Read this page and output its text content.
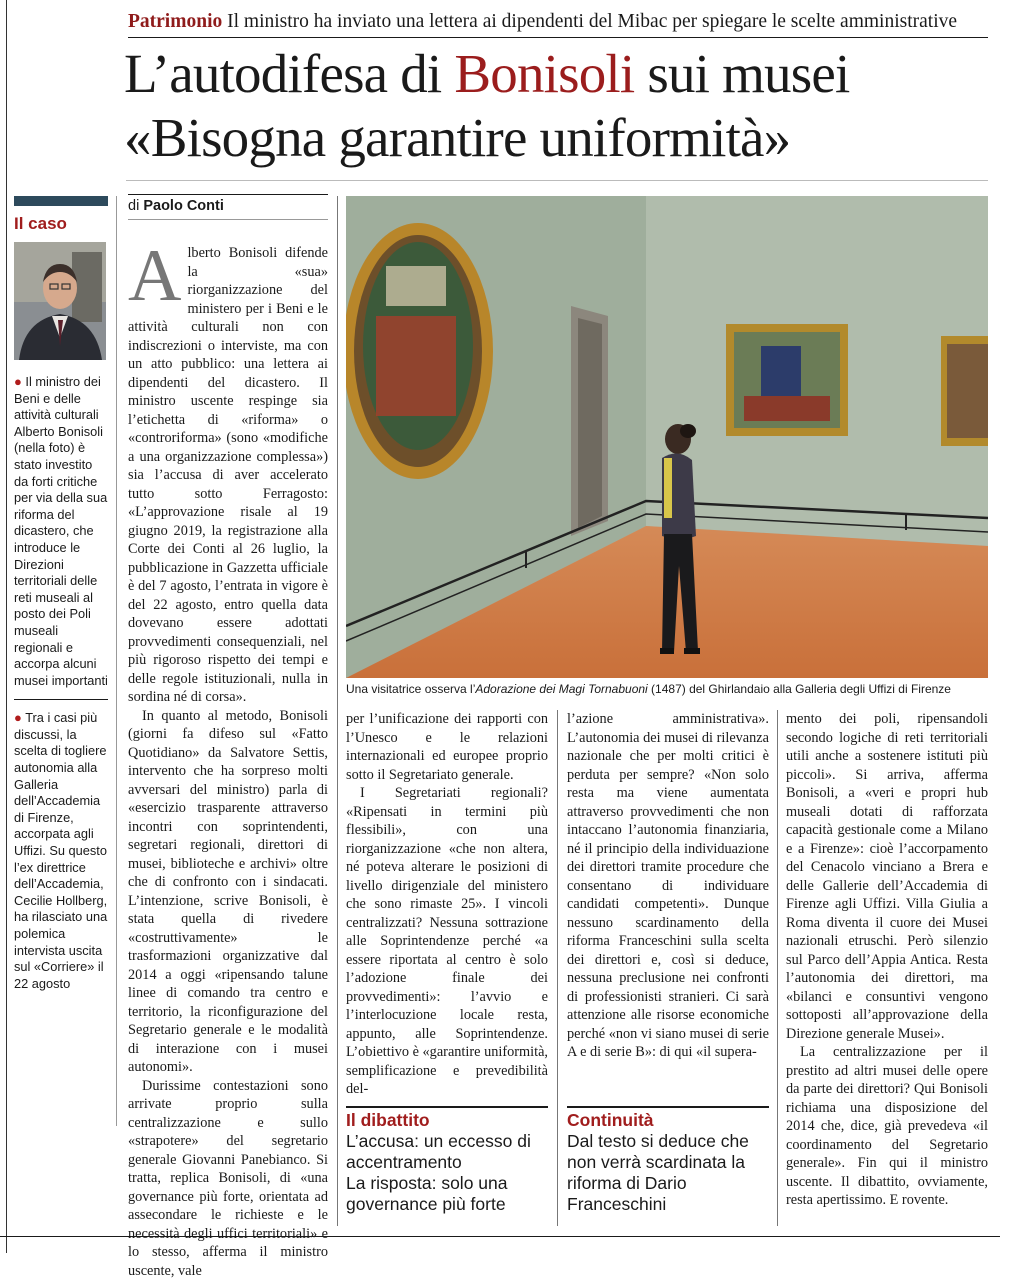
Patrimonio Il ministro ha inviato una lettera ai dipendenti del Mibac per spiegare le scelte amministrative
L’autodifesa di Bonisoli sui musei
«Bisogna garantire uniformità»
Il caso
● Il ministro dei Beni e delle attività culturali Alberto Bonisoli (nella foto) è stato investito da forti critiche per via della sua riforma del dicastero, che introduce le Direzioni territoriali delle reti museali al posto dei Poli museali regionali e accorpa alcuni musei importanti
● Tra i casi più discussi, la scelta di togliere autonomia alla Galleria dell’Accademia di Firenze, accorpata agli Uffizi. Su questo l’ex direttrice dell’Accademia, Cecilie Hollberg, ha rilasciato una polemica intervista uscita sul «Corriere» il 22 agosto
di Paolo Conti

Alberto Bonisoli difende la «sua» riorganizzazione del ministero per i Beni e le attività culturali non con indiscrezioni o interviste, ma con un atto pubblico: una lettera ai dipendenti del dicastero. Il ministro uscente respinge sia l’etichetta di «riforma» o «controriforma» (sono «modifiche a una organizzazione complessa») sia l’accusa di aver accelerato tutto sotto Ferragosto: «L’approvazione risale al 19 giugno 2019, la registrazione alla Corte dei Conti al 26 luglio, la pubblicazione in Gazzetta ufficiale è del 7 agosto, l’entrata in vigore è del 22 agosto, entro quella data dovevano essere adottati provvedimenti consequenziali, nel più rigoroso rispetto dei tempi e delle regole istituzionali, nulla in sordina né di corsa».

In quanto al metodo, Bonisoli (giorni fa difeso sul «Fatto Quotidiano» da Salvatore Settis, intervento che ha sorpreso molti avversari del ministro) parla di «esercizio trasparente attraverso incontri con soprintendenti, segretari regionali, direttori di musei, biblioteche e archivi» oltre che di confronto con i sindacati. L’intenzione, scrive Bonisoli, è stata quella di rivedere «costruttivamente» le trasformazioni organizzative dal 2014 a oggi «ripensando talune linee di comando tra centro e territorio, la riconfigurazione del Segretario generale e le modalità di interazione con i musei autonomi».

Durissime contestazioni sono arrivate proprio sulla centralizzazione e sullo «strapotere» del segretario generale Giovanni Panebianco. Si tratta, replica Bonisoli, di «una governance più forte, orientata ad assecondare le richieste e le necessità degli uffici territoriali» e lo stesso, afferma il ministro uscente, vale

Una visitatrice osserva l’Adorazione dei Magi Tornabuoni (1487) del Ghirlandaio alla Galleria degli Uffizi di Firenze

per l’unificazione dei rapporti con l’Unesco e le relazioni internazionali ed europee proprio sotto il Segretariato generale.

I Segretariati regionali? «Ripensati in termini più flessibili», con una riorganizzazione «che non altera, né poteva alterare le posizioni di livello dirigenziale del ministero che sono rimaste 25». I vincoli centralizzati? Nessuna sottrazione alle Soprintendenze perché «a essere riportata al centro è solo l’adozione finale dei provvedimenti»: l’avvio e l’interlocuzione locale resta, appunto, alle Soprintendenze. L’obiettivo è «garantire uniformità, semplificazione e prevedibilità del-

l’azione amministrativa». L’autonomia dei musei di rilevanza nazionale che per molti critici è perduta per sempre? «Non solo resta ma viene aumentata attraverso provvedimenti che non intaccano l’autonomia finanziaria, né il principio della individuazione dei direttori tramite procedure che consentano di individuare candidati competenti». Dunque nessuno scardinamento della riforma Franceschini sulla scelta dei direttori e, così si deduce, nessuna preclusione nei confronti di professionisti stranieri. Ci sarà attenzione alle risorse economiche perché «non vi siano musei di serie A e di serie B»: di qui «il superа-

mento dei poli, ripensandoli secondo logiche di reti territoriali utili anche a sostenere istituti più piccoli». Si arriva, afferma Bonisoli, a «veri e propri hub museali dotati di rafforzata capacità gestionale come a Milano e a Firenze»: cioè l’accorpamento del Cenacolo vinciano a Brera e delle Gallerie dell’Accademia di Firenze agli Uffizi. Villa Giulia a Roma diventa il cuore dei Musei nazionali etruschi. Però silenzio sul Parco dell’Appia Antica. Resta l’autonomia dei direttori, ma «bilanci e consuntivi vengono sottoposti all’approvazione della Direzione generale Musei».

La centralizzazione per il prestito ad altri musei delle opere da parte dei direttori? Qui Bonisoli richiama una disposizione del 2014 che, dice, già prevedeva «il coordinamento del Segretario generale». Fin qui il ministro uscente. Il dibattito, ovviamente, resta apertissimo. E rovente.

Il dibattito
L’accusa: un eccesso di accentramento
La risposta: solo una governance più forte
Continuità
Dal testo si deduce che non verrà scardinata la riforma di Dario Franceschini
